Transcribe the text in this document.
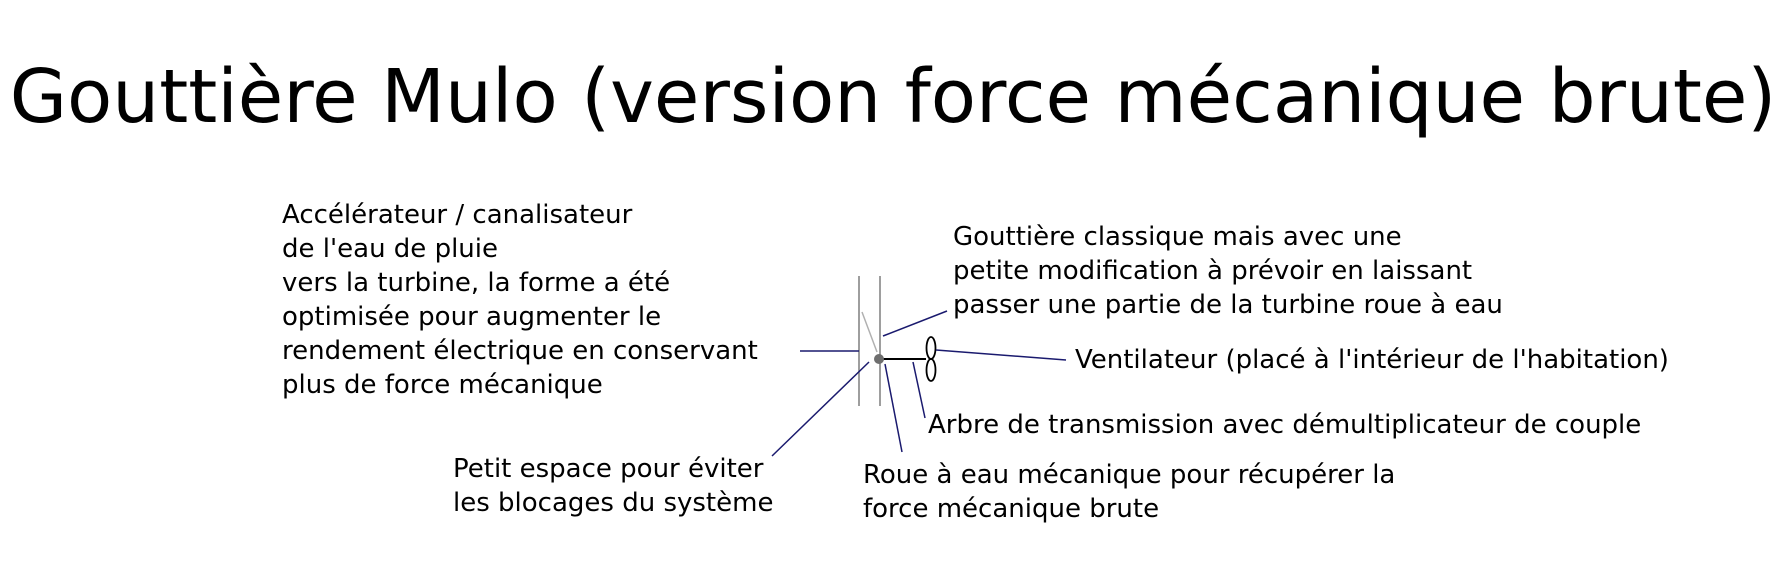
Gouttière Mulo (version force mécanique brute)
Accélérateur / canalisateur
de l'eau de pluie
vers la turbine, la forme a été
optimisée pour augmenter le
rendement électrique en conservant
plus de force mécanique
Gouttière classique mais avec une
petite modification à prévoir en laissant
passer une partie de la turbine roue à eau
Ventilateur (placé à l'intérieur de l'habitation)
Arbre de transmission avec démultiplicateur de couple
Petit espace pour éviter
les blocages du système
Roue à eau mécanique pour récupérer la
force mécanique brute
